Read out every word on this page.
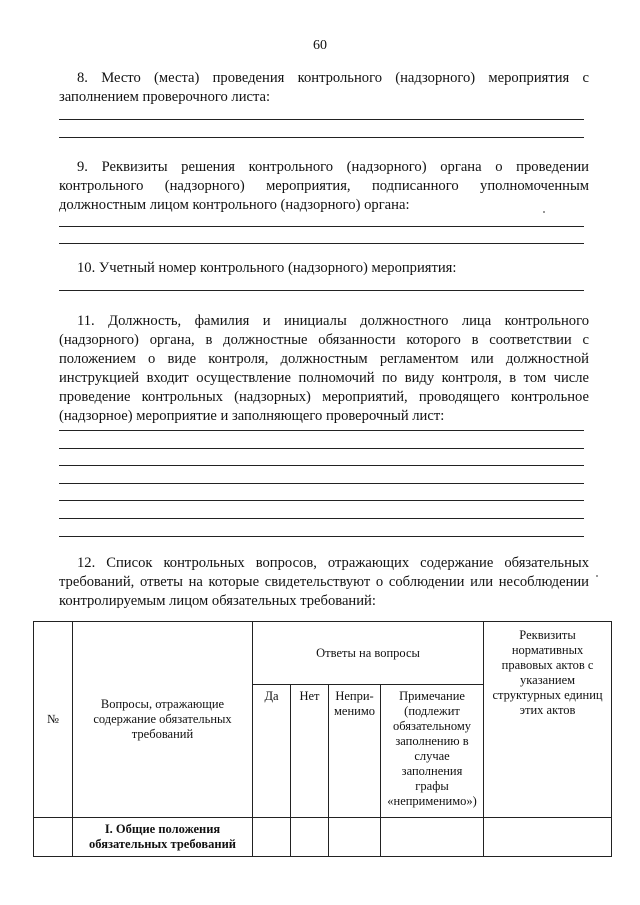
60

8. Место (места) проведения контрольного (надзорного) мероприятия с заполнением проверочного листа:

9. Реквизиты решения контрольного (надзорного) органа о проведении контрольного (надзорного) мероприятия, подписанного уполномоченным должностным лицом контрольного (надзорного) органа:

10. Учетный номер контрольного (надзорного) мероприятия:

11. Должность, фамилия и инициалы должностного лица контрольного (надзорного) органа, в должностные обязанности которого в соответствии с положением о виде контроля, должностным регламентом или должностной инструкцией входит осуществление полномочий по виду контроля, в том числе проведение контрольных (надзорных) мероприятий, проводящего контрольное (надзорное) мероприятие и заполняющего проверочный лист:

12. Список контрольных вопросов, отражающих содержание обязательных требований, ответы на которые свидетельствуют о соблюдении или несоблюдении контролируемым лицом обязательных требований:

№	Вопросы, отражающие содержание обязательных требований	Ответы на вопросы				Реквизиты нормативных правовых актов с указанием структурных единиц этих актов

		Да	Нет	Непри-менимо	Примечание (подлежит обязательному заполнению в случае заполнения графы «неприменимо»)	

	I. Общие положения обязательных требований					
